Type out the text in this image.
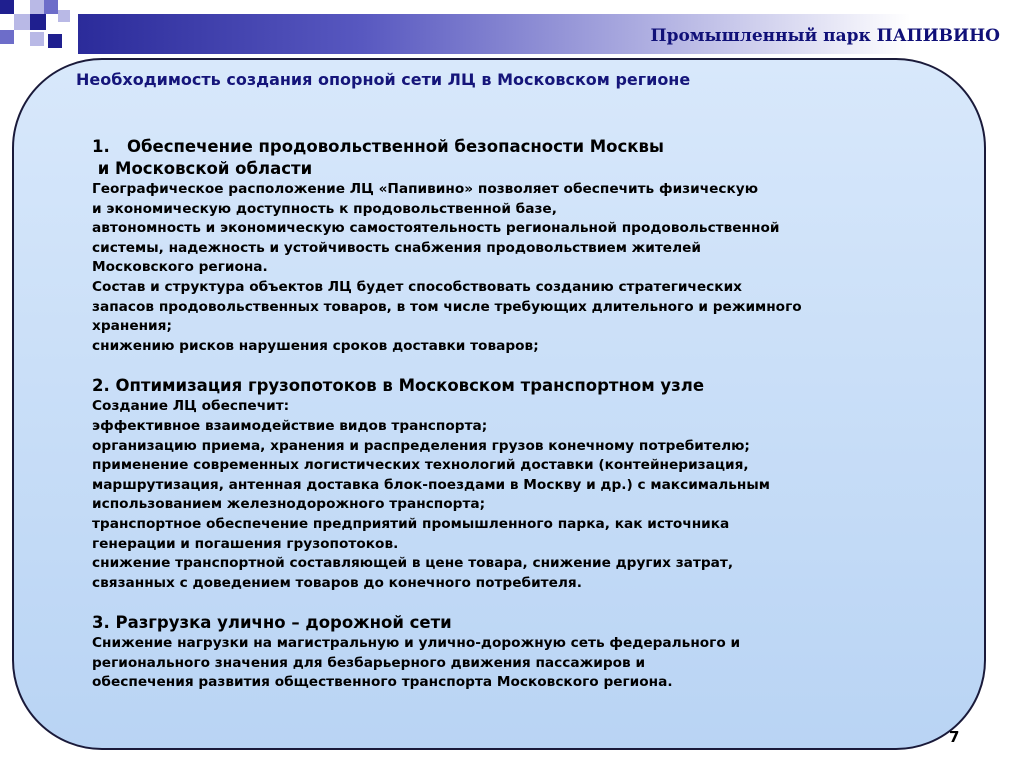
Промышленный парк ПАПИВИНО
Необходимость создания опорной сети ЛЦ в Московском регионе
1.   Обеспечение продовольственной безопасности Москвы
и Московской области
Географическое расположение ЛЦ «Папивино» позволяет обеспечить физическую
и экономическую доступность к продовольственной базе,
автономность и экономическую самостоятельность региональной продовольственной
системы, надежность и устойчивость снабжения продовольствием жителей
Московского региона.
Состав и структура объектов ЛЦ будет способствовать созданию стратегических
запасов продовольственных товаров, в том числе требующих длительного и режимного
хранения;
снижению рисков нарушения сроков доставки товаров;
2. Оптимизация грузопотоков в Московском транспортном узле
Создание ЛЦ обеспечит:
эффективное взаимодействие видов транспорта;
организацию приема, хранения и распределения грузов конечному потребителю;
применение современных логистических технологий доставки (контейнеризация,
маршрутизация, антенная доставка блок-поездами в Москву и др.) с максимальным
использованием железнодорожного транспорта;
транспортное обеспечение предприятий промышленного парка, как источника
генерации и погашения грузопотоков.
снижение транспортной составляющей в цене товара, снижение других затрат,
связанных с доведением товаров до конечного потребителя.
3. Разгрузка улично – дорожной сети
Снижение нагрузки на магистральную и улично-дорожную сеть федерального и
регионального значения для безбарьерного движения пассажиров и
обеспечения развития общественного транспорта Московского региона.
7
